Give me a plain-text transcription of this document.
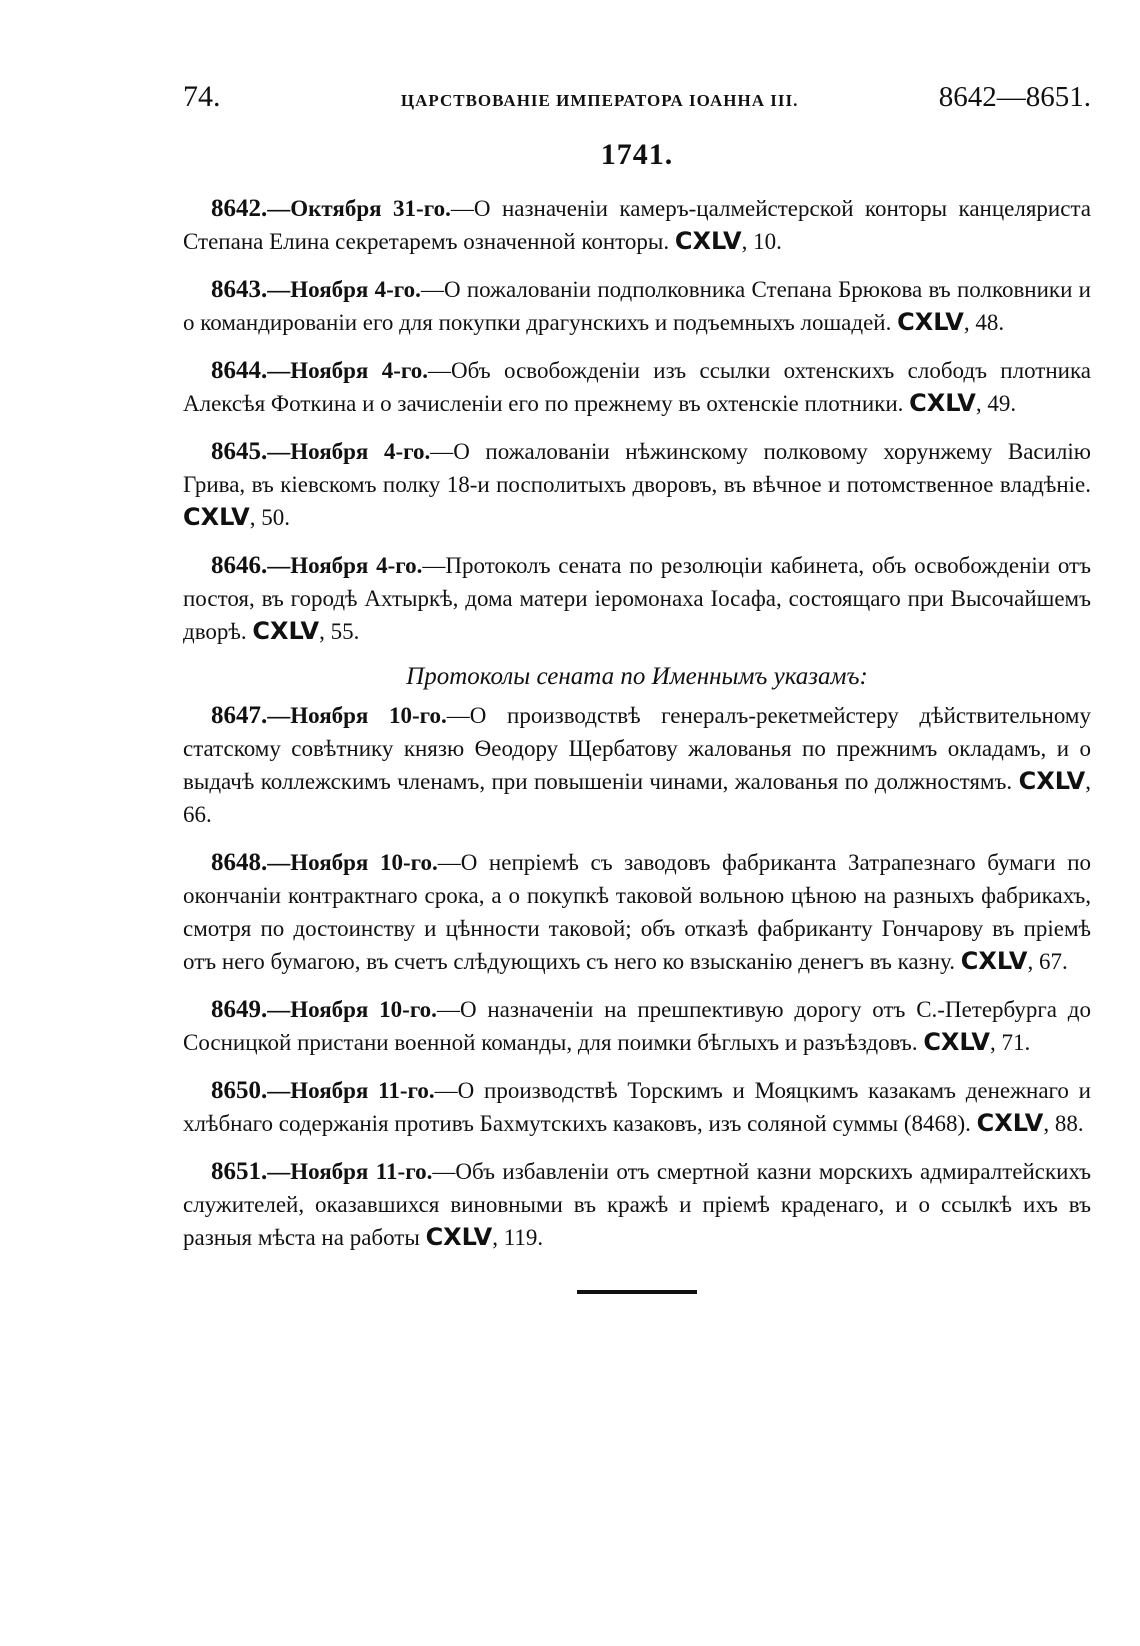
74.	ЦАРСТВОВАНІЕ ИМПЕРАТОРА ІОАННА III.	8642—8651.
1741.

8642.—Октября 31-го.—О назначеніи камеръ-цалмейстерской конторы канцеляриста Степана Елина секретаремъ означенной конторы. CXLV, 10.

8643.—Ноября 4-го.—О пожалованіи подполковника Степана Брюкова въ полковники и о командированіи его для покупки драгунскихъ и подъемныхъ лошадей. CXLV, 48.

8644.—Ноября 4-го.—Объ освобожденіи изъ ссылки охтенскихъ слободъ плотника Алексѣя Фоткина и о зачисленіи его по прежнему въ охтенскіе плотники. CXLV, 49.

8645.—Ноября 4-го.—О пожалованіи нѣжинскому полковому хорунжему Василію Грива, въ кіевскомъ полку 18-и посполитыхъ дворовъ, въ вѣчное и потомственное владѣніе. CXLV, 50.

8646.—Ноября 4-го.—Протоколъ сената по резолюціи кабинета, объ освобожденіи отъ постоя, въ городѣ Ахтыркѣ, дома матери іеромонаха Іосафа, состоящаго при Высочайшемъ дворѣ. CXLV, 55.

Протоколы сената по Именнымъ указамъ:

8647.—Ноября 10-го.—О производствѣ генералъ-рекетмейстеру дѣйствительному статскому совѣтнику князю Ѳеодору Щербатову жалованья по прежнимъ окладамъ, и о выдачѣ коллежскимъ членамъ, при повышеніи чинами, жалованья по должностямъ. CXLV, 66.

8648.—Ноября 10-го.—О непріемѣ съ заводовъ фабриканта Затрапезнаго бумаги по окончаніи контрактнаго срока, а о покупкѣ таковой вольною цѣною на разныхъ фабрикахъ, смотря по достоинству и цѣнности таковой; объ отказѣ фабриканту Гончарову въ пріемѣ отъ него бумагою, въ счетъ слѣдующихъ съ него ко взысканію денегъ въ казну. CXLV, 67.

8649.—Ноября 10-го.—О назначеніи на прешпективую дорогу отъ С.-Петербурга до Сосницкой пристани военной команды, для поимки бѣглыхъ и разъѣздовъ. CXLV, 71.

8650.—Ноября 11-го.—О производствѣ Торскимъ и Мояцкимъ казакамъ денежнаго и хлѣбнаго содержанія противъ Бахмутскихъ казаковъ, изъ соляной суммы (8468). CXLV, 88.

8651.—Ноября 11-го.—Объ избавленіи отъ смертной казни морскихъ адмиралтейскихъ служителей, оказавшихся виновными въ кражѣ и пріемѣ краденаго, и о ссылкѣ ихъ въ разныя мѣста на работы CXLV, 119.
